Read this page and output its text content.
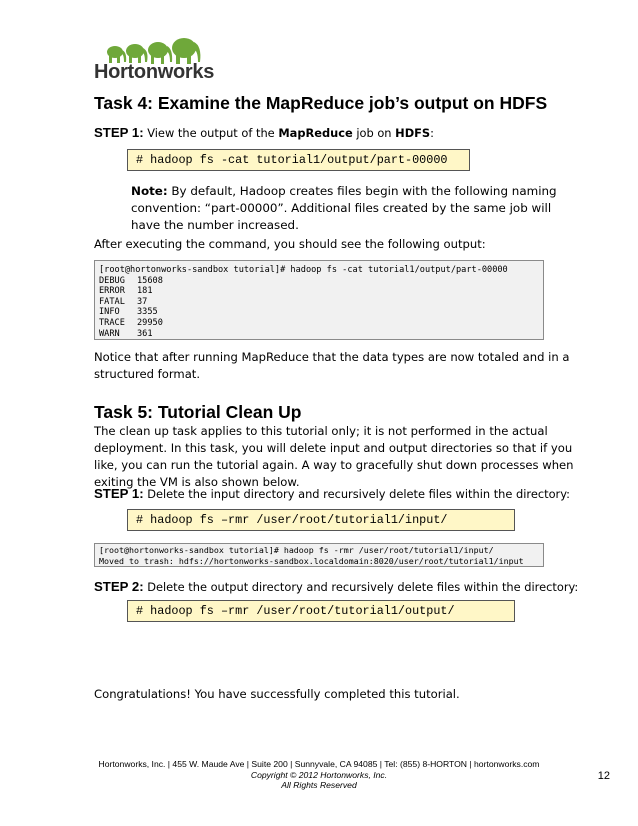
Hortonworks
Task 4: Examine the MapReduce job’s output on HDFS
STEP 1: View the output of the MapReduce job on HDFS:
# hadoop fs -cat tutorial1/output/part-00000
Note: By default, Hadoop creates files begin with the following naming
convention: “part-00000”. Additional files created by the same job will
have the number increased.
After executing the command, you should see the following output:
[root@hortonworks-sandbox tutorial]# hadoop fs -cat tutorial1/output/part-00000
DEBUG 15608
ERROR 181
FATAL 37
INFO 3355
TRACE 29950
WARN 361
Notice that after running MapReduce that the data types are now totaled and in a
structured format.
Task 5: Tutorial Clean Up
The clean up task applies to this tutorial only; it is not performed in the actual
deployment. In this task, you will delete input and output directories so that if you
like, you can run the tutorial again. A way to gracefully shut down processes when
exiting the VM is also shown below.
STEP 1: Delete the input directory and recursively delete files within the directory:
# hadoop fs –rmr /user/root/tutorial1/input/
[root@hortonworks-sandbox tutorial]# hadoop fs -rmr /user/root/tutorial1/input/
Moved to trash: hdfs://hortonworks-sandbox.localdomain:8020/user/root/tutorial1/input
STEP 2: Delete the output directory and recursively delete files within the directory:
# hadoop fs –rmr /user/root/tutorial1/output/
Congratulations! You have successfully completed this tutorial.
Hortonworks, Inc. | 455 W. Maude Ave | Suite 200 | Sunnyvale, CA 94085 | Tel: (855) 8-HORTON | hortonworks.com
Copyright © 2012 Hortonworks, Inc.
All Rights Reserved
12
